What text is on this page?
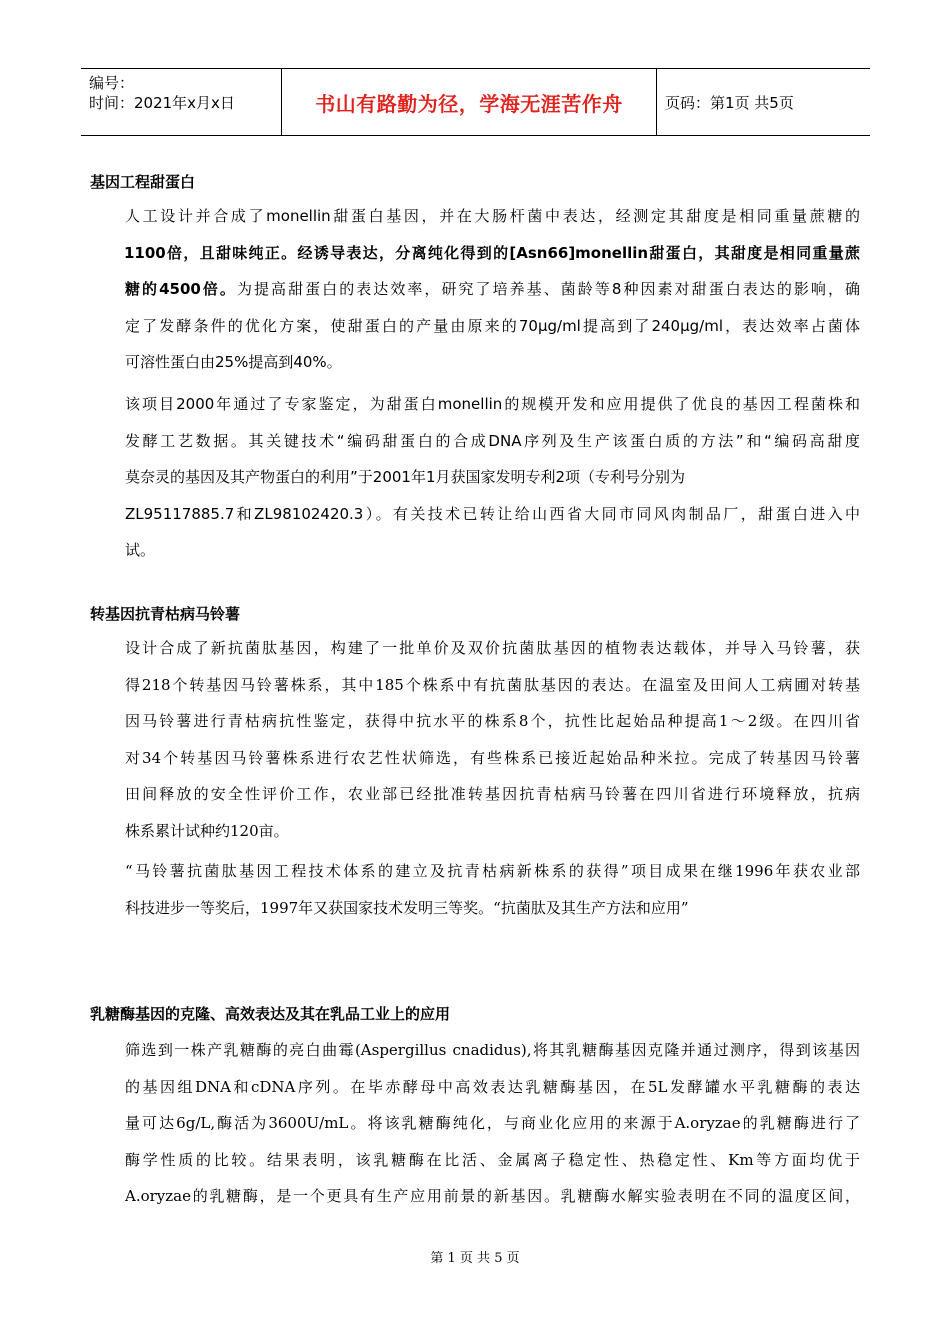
编号：
时间：2021年x月x日	书山有路勤为径，学海无涯苦作舟	页码：第1页 共5页
基因工程甜蛋白
人工设计并合成了monellin甜蛋白基因，并在大肠杆菌中表达，经测定其甜度是相同重量蔗糖的
1100倍，且甜味纯正。经诱导表达，分离纯化得到的[Asn66]monellin甜蛋白，其甜度是相同重量蔗
糖的4500倍。为提高甜蛋白的表达效率，研究了培养基、菌龄等8种因素对甜蛋白表达的影响，确
定了发酵条件的优化方案，使甜蛋白的产量由原来的70μg/ml提高到了240μg/ml，表达效率占菌体
可溶性蛋白由25%提高到40%。
该项目2000年通过了专家鉴定，为甜蛋白monellin的规模开发和应用提供了优良的基因工程菌株和
发酵工艺数据。其关键技术“编码甜蛋白的合成DNA序列及生产该蛋白质的方法”和“编码高甜度
莫奈灵的基因及其产物蛋白的利用”于2001年1月获国家发明专利2项（专利号分别为
ZL95117885.7和ZL98102420.3）。有关技术已转让给山西省大同市同风肉制品厂，甜蛋白进入中
试。
转基因抗青枯病马铃薯
设计合成了新抗菌肽基因，构建了一批单价及双价抗菌肽基因的植物表达载体，并导入马铃薯，获
得218个转基因马铃薯株系，其中185个株系中有抗菌肽基因的表达。在温室及田间人工病圃对转基
因马铃薯进行青枯病抗性鉴定，获得中抗水平的株系8个，抗性比起始品种提高1～2级。在四川省
对34个转基因马铃薯株系进行农艺性状筛选，有些株系已接近起始品种米拉。完成了转基因马铃薯
田间释放的安全性评价工作，农业部已经批准转基因抗青枯病马铃薯在四川省进行环境释放，抗病
株系累计试种约120亩。
“马铃薯抗菌肽基因工程技术体系的建立及抗青枯病新株系的获得”项目成果在继1996年获农业部
科技进步一等奖后，1997年又获国家技术发明三等奖。“抗菌肽及其生产方法和应用”
乳糖酶基因的克隆、高效表达及其在乳品工业上的应用
筛选到一株产乳糖酶的亮白曲霉(Aspergillus cnadidus),将其乳糖酶基因克隆并通过测序，得到该基因
的基因组DNA和cDNA序列。在毕赤酵母中高效表达乳糖酶基因，在5L发酵罐水平乳糖酶的表达
量可达6g/L,酶活为3600U/mL。将该乳糖酶纯化，与商业化应用的来源于A.oryzae的乳糖酶进行了
酶学性质的比较。结果表明，该乳糖酶在比活、金属离子稳定性、热稳定性、Km等方面均优于
A.oryzae的乳糖酶，是一个更具有生产应用前景的新基因。乳糖酶水解实验表明在不同的温度区间，
第 1 页 共 5 页
